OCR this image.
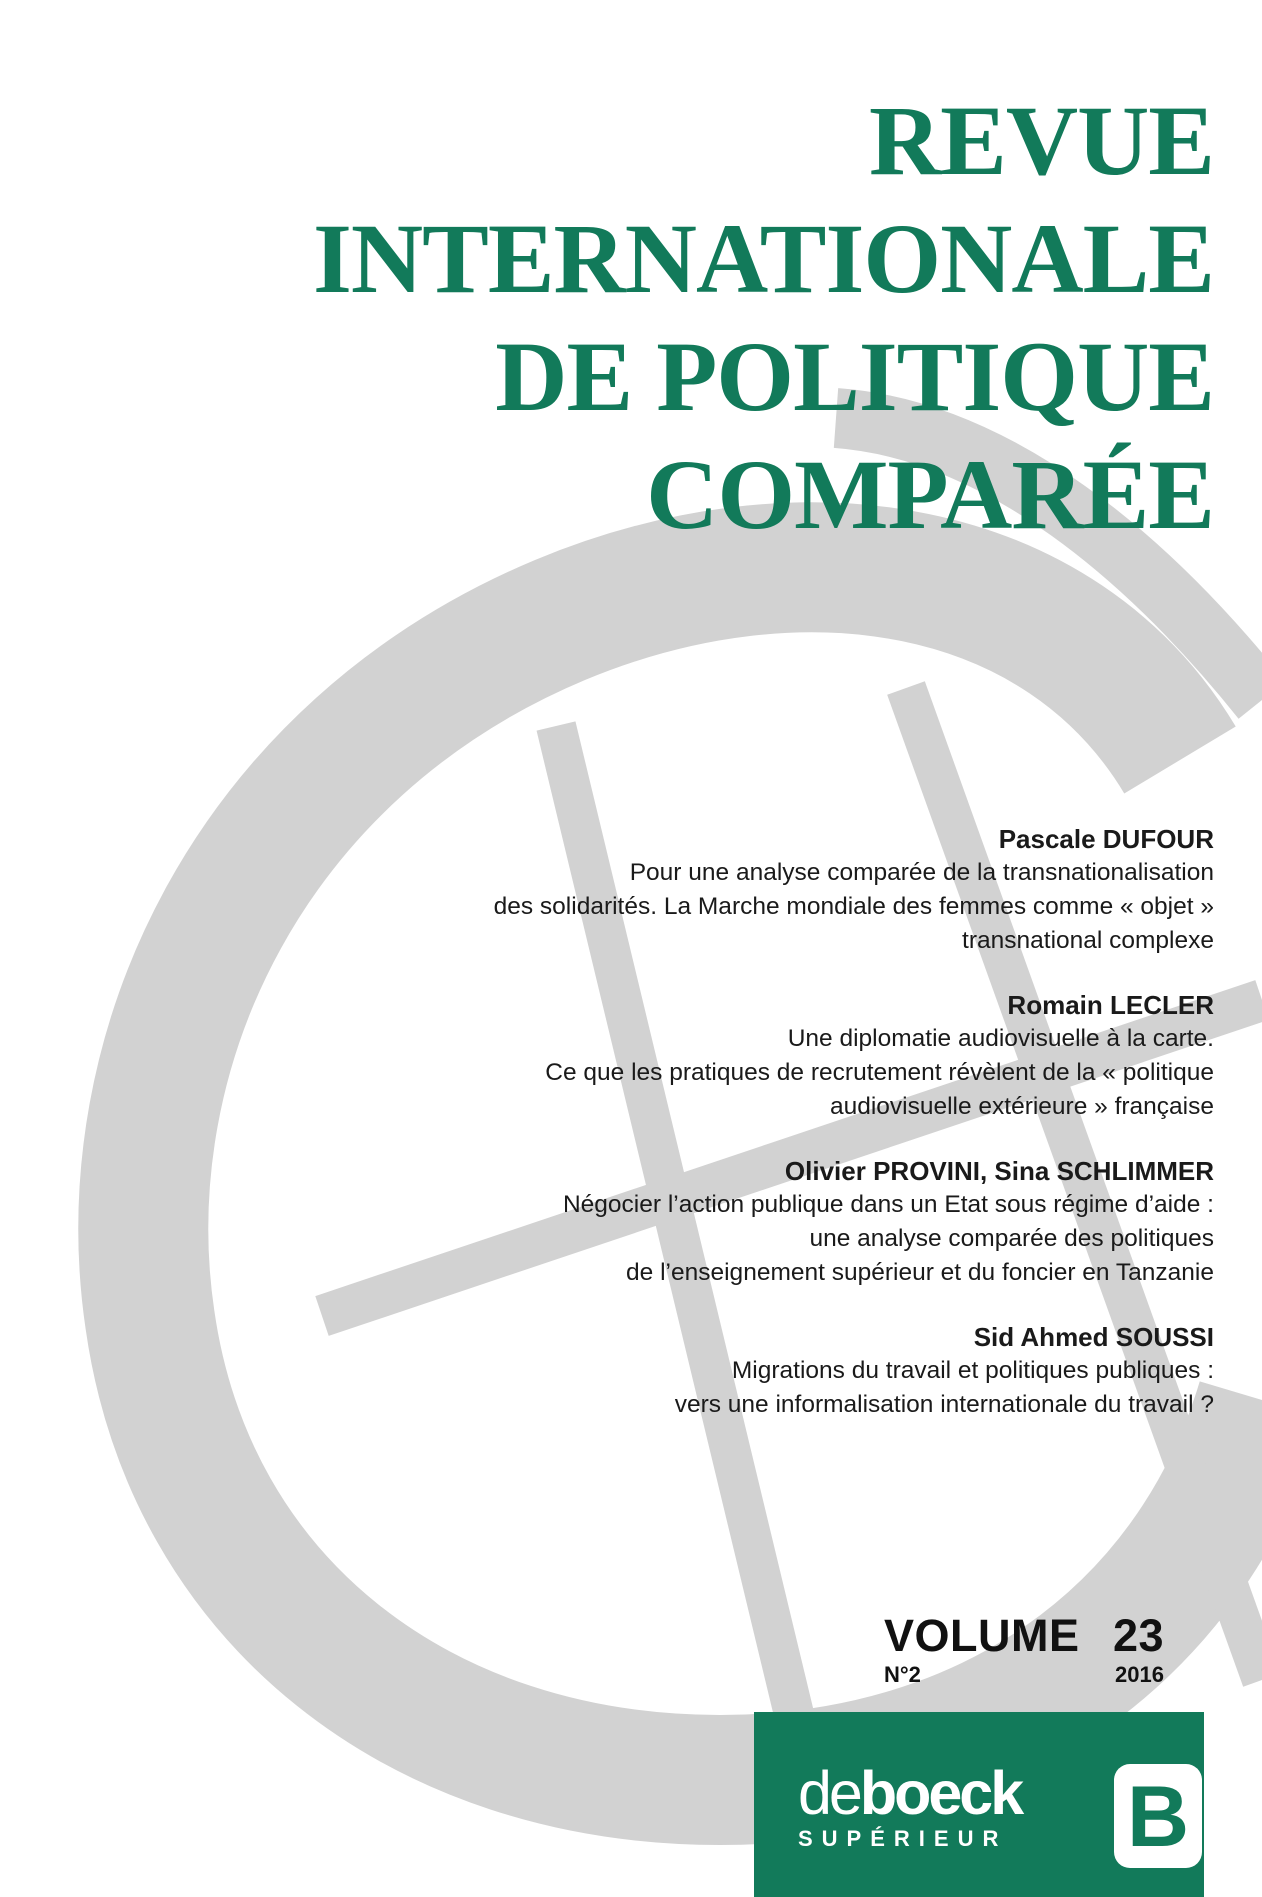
REVUE
INTERNATIONALE
DE POLITIQUE
COMPARÉE
Pascale DUFOUR
Pour une analyse comparée de la transnationalisation
des solidarités. La Marche mondiale des femmes comme « objet »
transnational complexe
Romain LECLER
Une diplomatie audiovisuelle à la carte.
Ce que les pratiques de recrutement révèlent de la « politique
audiovisuelle extérieure » française
Olivier PROVINI, Sina SCHLIMMER
Négocier l’action publique dans un Etat sous régime d’aide :
une analyse comparée des politiques
de l’enseignement supérieur et du foncier en Tanzanie
Sid Ahmed SOUSSI
Migrations du travail et politiques publiques :
vers une informalisation internationale du travail ?
VOLUME 23
N°2	2016
deboeck
SUPÉRIEUR	B
